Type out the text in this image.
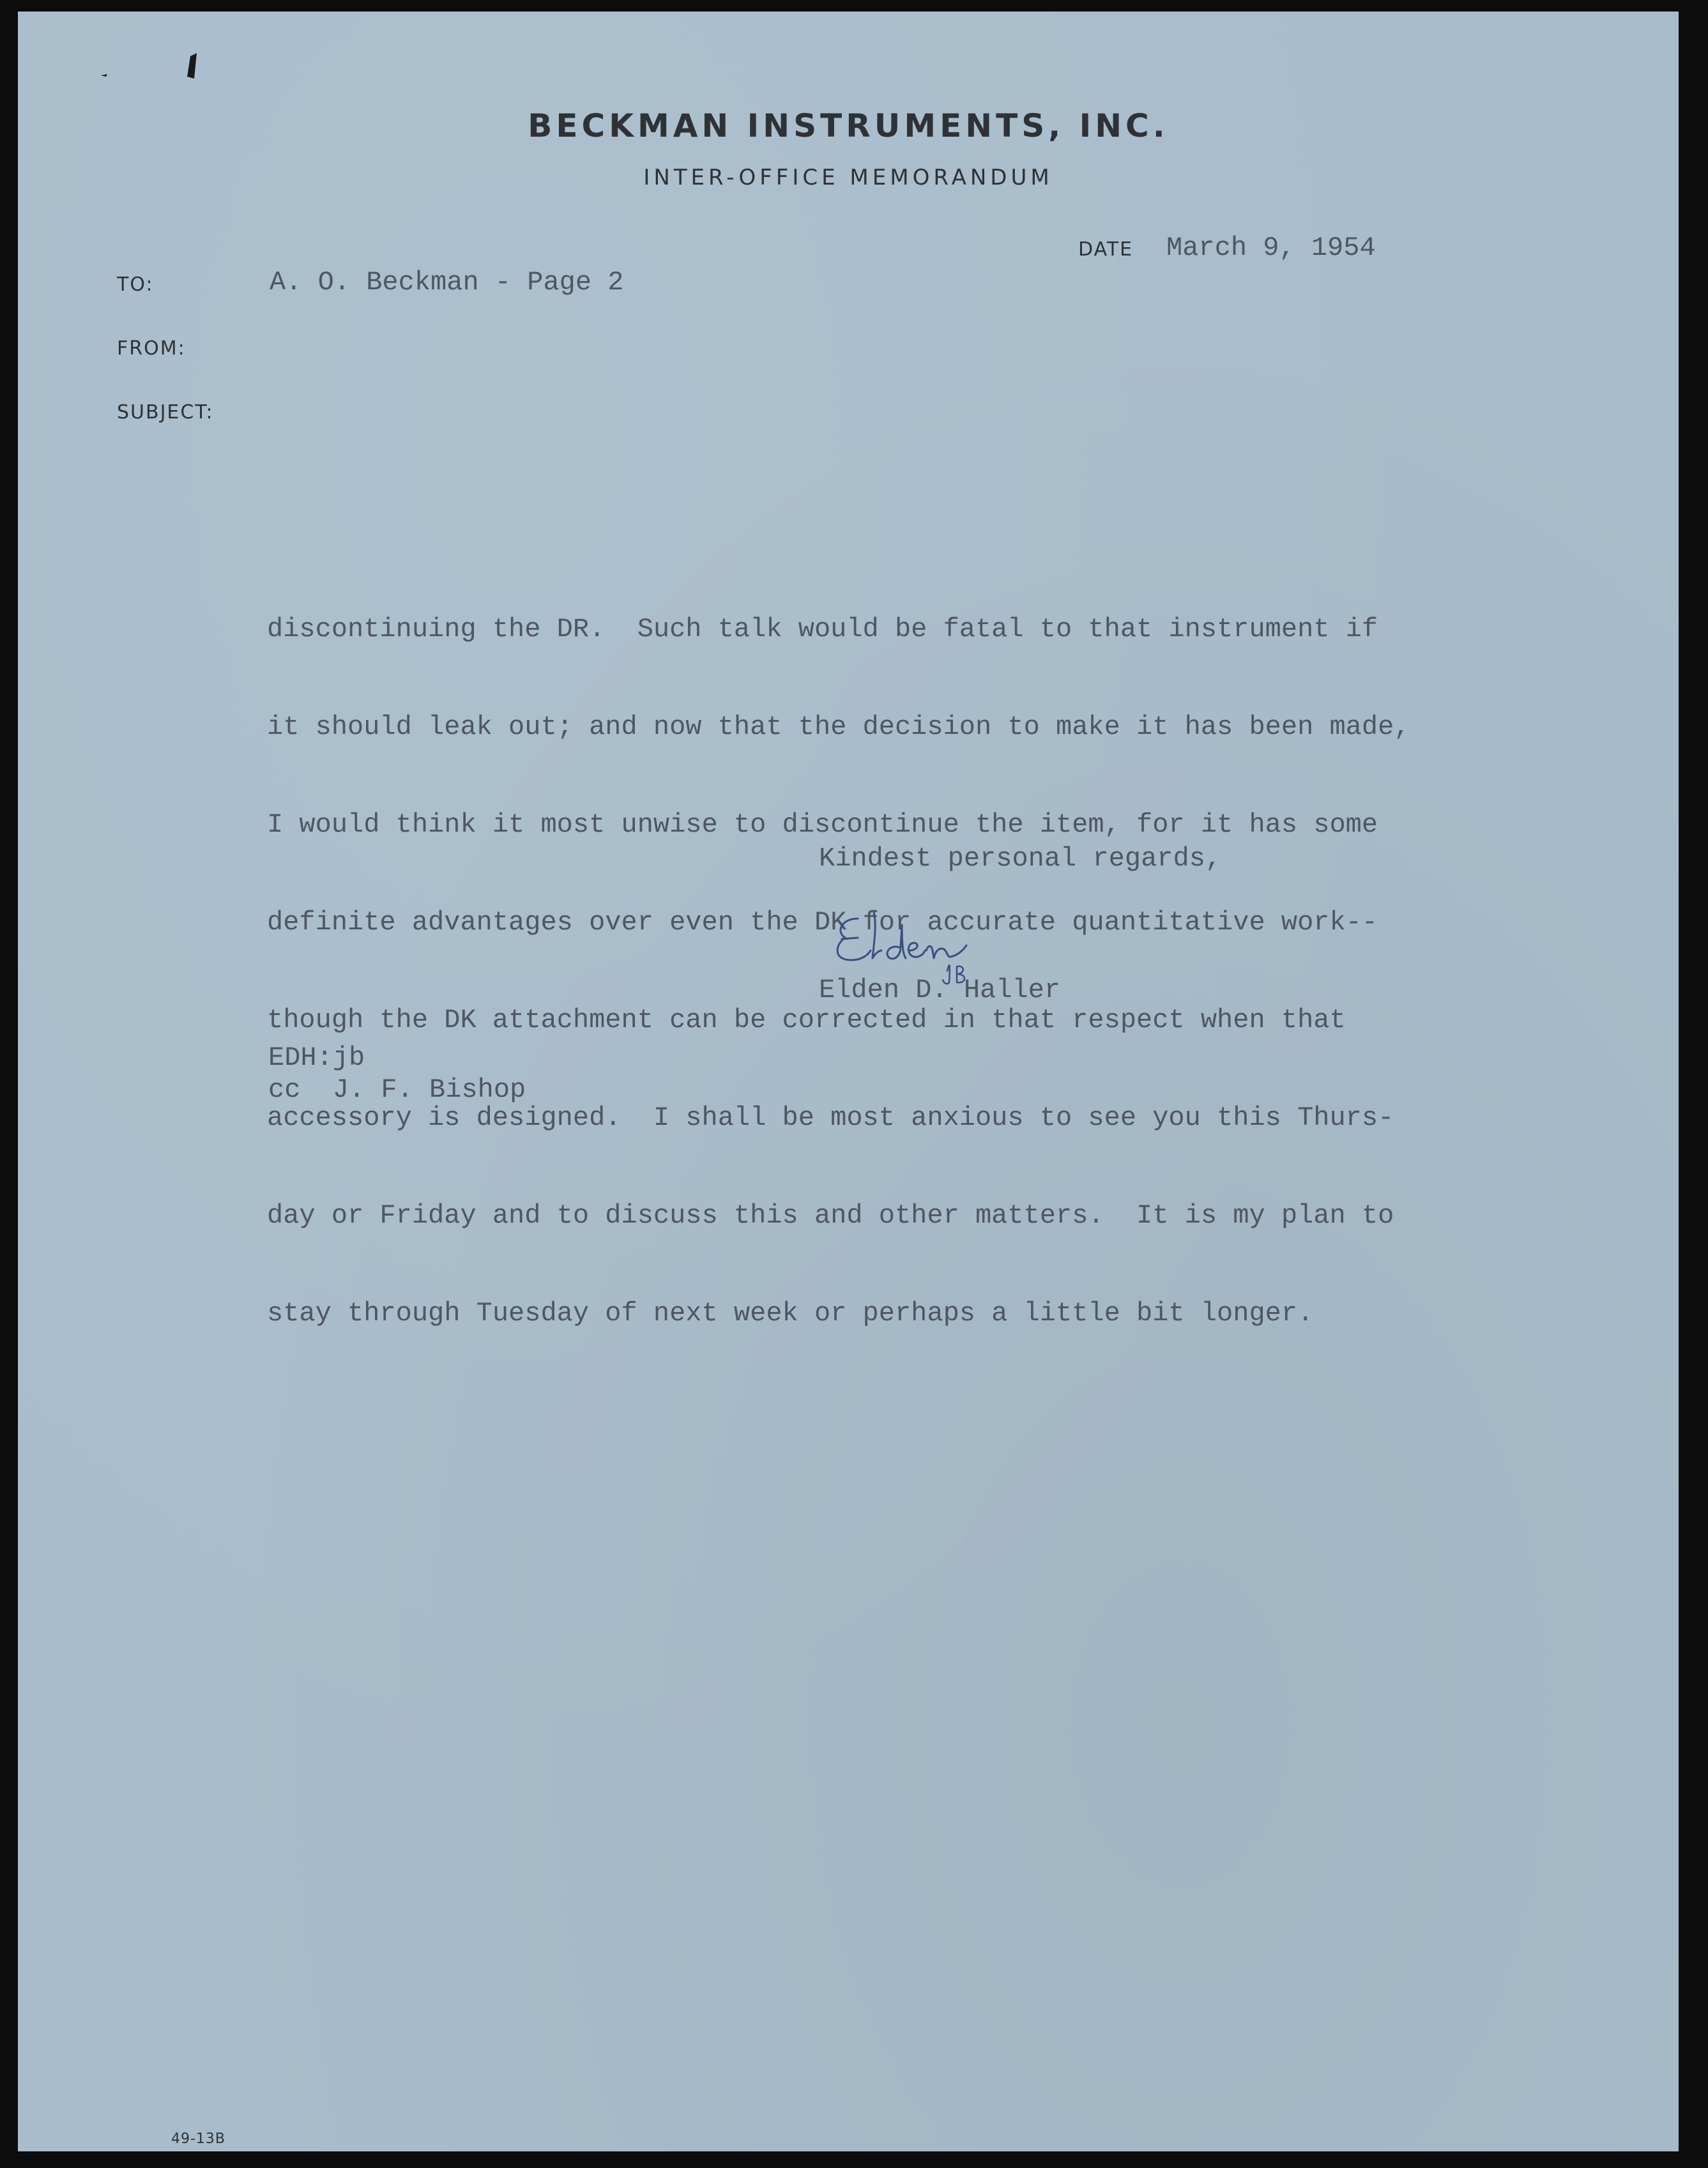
BECKMAN INSTRUMENTS, INC.
INTER-OFFICE MEMORANDUM
DATE March 9, 1954
TO:	A. O. Beckman - Page 2
FROM:
SUBJECT:

discontinuing the DR.  Such talk would be fatal to that instrument if

it should leak out; and now that the decision to make it has been made,

I would think it most unwise to discontinue the item, for it has some

definite advantages over even the DK for accurate quantitative work--

though the DK attachment can be corrected in that respect when that

accessory is designed.  I shall be most anxious to see you this Thurs-

day or Friday and to discuss this and other matters.  It is my plan to

stay through Tuesday of next week or perhaps a little bit longer.

Kindest personal regards,
Elden D. Haller
EDH:jb
cc  J. F. Bishop
49-13B
